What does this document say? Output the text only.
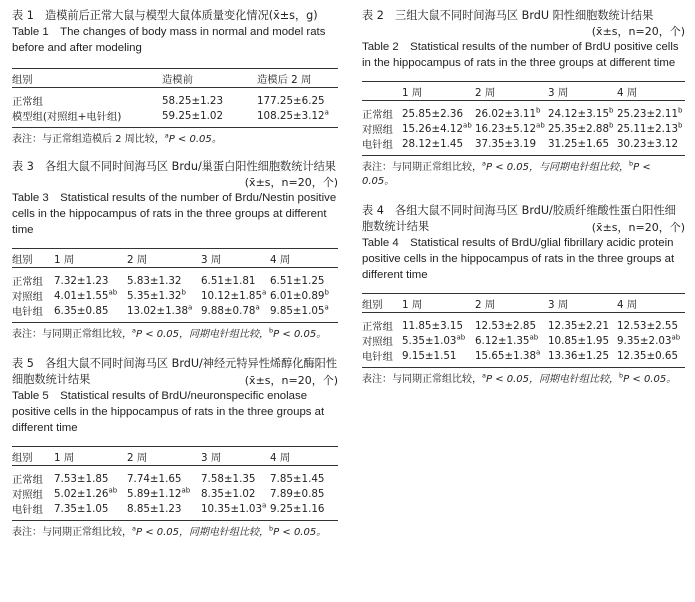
表 1　造模前后正常大鼠与模型大鼠体质量变化情况(x̄±s，g)

Table 1　The changes of body mass in normal and model rats before and after modeling

组别	造模前	造模后 2 周
正常组	58.25±1.23	177.25±6.25
模型组(对照组+电针组)	59.25±1.02	108.25±3.12$^a$

表注：与正常组造模后 2 周比较，$^a$P < 0.05。

表 3　各组大鼠不同时间海马区 Brdu/巢蛋白阳性细胞数统计结果

(x̄±s，n=20，个)

Table 3　Statistical results of the number of Brdu/Nestin positive cells in the hippocampus of rats in the three groups at different time

组别	1 周	2 周	3 周	4 周
正常组	7.32±1.23	5.83±1.32	6.51±1.81	6.51±1.25
对照组	4.01±1.55$^{ab}$	5.35±1.32$^b$	10.12±1.85$^a$	6.01±0.89$^b$
电针组	6.35±0.85	13.02±1.38$^a$	9.88±0.78$^a$	9.85±1.05$^a$

表注：与同期正常组比较，$^a$P < 0.05，同期电针组比较，$^b$P < 0.05。

表 5　各组大鼠不同时间海马区 BrdU/神经元特异性烯醇化酶阳性细胞数统计结果	(x̄±s，n=20，个)

Table 5　Statistical results of BrdU/neuronspecific enolase positive cells in the hippocampus of rats in the three groups at different time

组别	1 周	2 周	3 周	4 周
正常组	7.53±1.85	7.74±1.65	7.58±1.35	7.85±1.45
对照组	5.02±1.26$^{ab}$	5.89±1.12$^{ab}$	8.35±1.02	7.89±0.85
电针组	7.35±1.05	8.85±1.23	10.35±1.03$^a$	9.25±1.16

表注：与同期正常组比较，$^a$P < 0.05，同期电针组比较，$^b$P < 0.05。

表 2　三组大鼠不同时间海马区 BrdU 阳性细胞数统计结果

(x̄±s，n=20，个)

Table 2　Statistical results of the number of BrdU positive cells in the hippocampus of rats in the three groups at different time

	1 周	2 周	3 周	4 周
正常组	25.85±2.36	26.02±3.11$^b$	24.12±3.15$^b$	25.23±2.11$^b$
对照组	15.26±4.12$^{ab}$	16.23±5.12$^{ab}$	25.35±2.88$^b$	25.11±2.13$^b$
电针组	28.12±1.45	37.35±3.19	31.25±1.65	30.23±3.12

表注：与同期正常组比较，$^a$P < 0.05，与同期电针组比较，$^b$P < 0.05。

表 4　各组大鼠不同时间海马区 BrdU/胶质纤维酸性蛋白阳性细胞数统计结果	(x̄±s，n=20，个)

Table 4　Statistical results of BrdU/glial fibrillary acidic protein positive cells in the hippocampus of rats in the three groups at different time

组别	1 周	2 周	3 周	4 周
正常组	11.85±3.15	12.53±2.85	12.35±2.21	12.53±2.55
对照组	5.35±1.03$^{ab}$	6.12±1.35$^{ab}$	10.85±1.95	9.35±2.03$^{ab}$
电针组	9.15±1.51	15.65±1.38$^a$	13.36±1.25	12.35±0.65

表注：与同期正常组比较，$^a$P < 0.05，同期电针组比较，$^b$P < 0.05。
